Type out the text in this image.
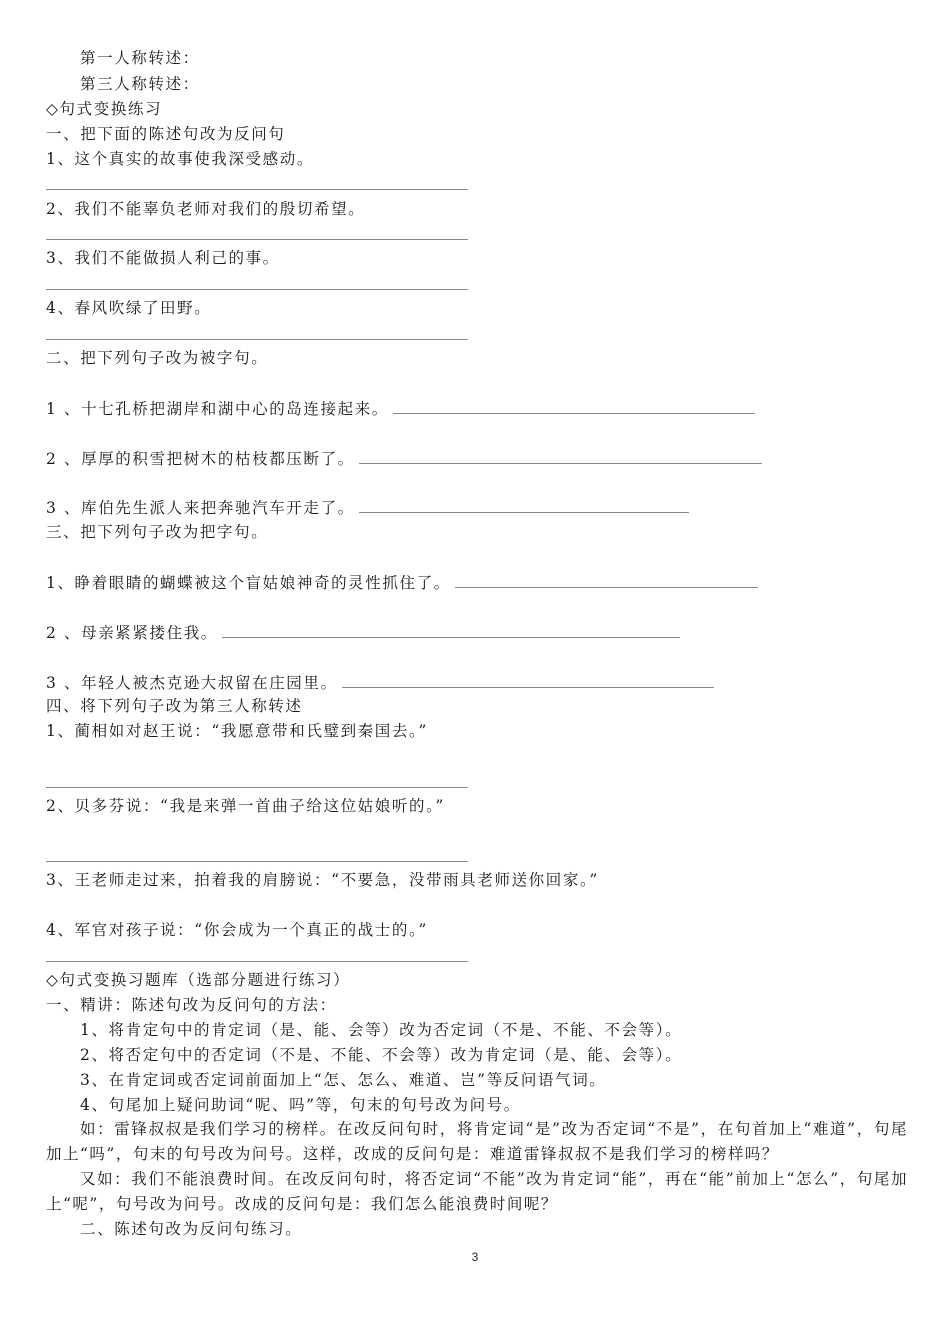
第一人称转述：
第三人称转述：
◇句式变换练习
一、把下面的陈述句改为反问句
1、这个真实的故事使我深受感动。
2、我们不能辜负老师对我们的殷切希望。
3、我们不能做损人利己的事。
4、春风吹绿了田野。
二、把下列句子改为被字句。
1 、十七孔桥把湖岸和湖中心的岛连接起来。
2 、厚厚的积雪把树木的枯枝都压断了。
3 、库伯先生派人来把奔驰汽车开走了。
三、把下列句子改为把字句。
1、睁着眼睛的蝴蝶被这个盲姑娘神奇的灵性抓住了。
2 、母亲紧紧搂住我。
3 、年轻人被杰克逊大叔留在庄园里。
四、将下列句子改为第三人称转述
1、蔺相如对赵王说：“我愿意带和氏璧到秦国去。”
2、贝多芬说：“我是来弹一首曲子给这位姑娘听的。”
3、王老师走过来，拍着我的肩膀说：“不要急，没带雨具老师送你回家。”
4、军官对孩子说：“你会成为一个真正的战士的。”
◇句式变换习题库（选部分题进行练习）
一、精讲：陈述句改为反问句的方法：
1、将肯定句中的肯定词（是、能、会等）改为否定词（不是、不能、不会等）。
2、将否定句中的否定词（不是、不能、不会等）改为肯定词（是、能、会等）。
3、在肯定词或否定词前面加上“怎、怎么、难道、岂”等反问语气词。
4、句尾加上疑问助词“呢、吗”等，句末的句号改为问号。

如：雷锋叔叔是我们学习的榜样。在改反问句时，将肯定词“是”改为否定词“不是”，在句首加上“难道”，句尾加上“吗”，句末的句号改为问号。这样，改成的反问句是：难道雷锋叔叔不是我们学习的榜样吗？

又如：我们不能浪费时间。在改反问句时，将否定词“不能”改为肯定词“能”，再在“能”前加上“怎么”，句尾加上“呢”，句号改为问号。改成的反问句是：我们怎么能浪费时间呢？

二、陈述句改为反问句练习。
3
